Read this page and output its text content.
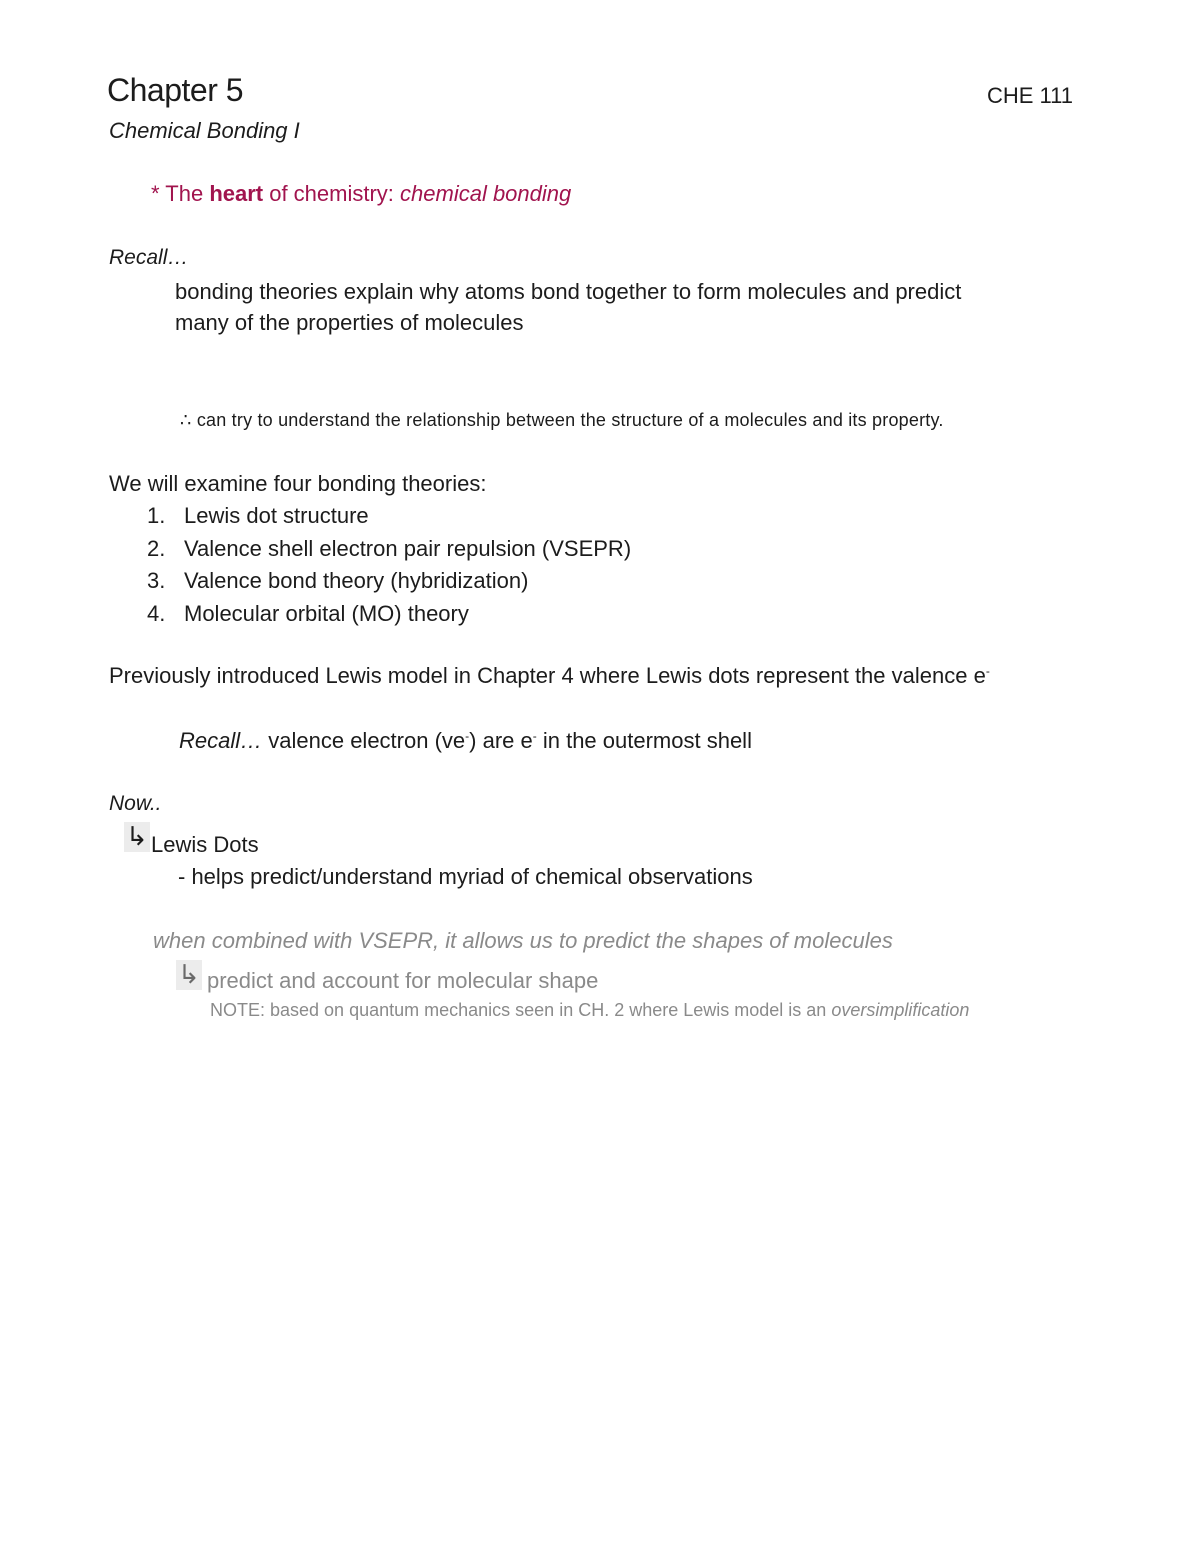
Chapter 5	CHE 111
Chemical Bonding I
* The heart of chemistry: chemical bonding
Recall…
bonding theories explain why atoms bond together to form molecules and predict
many of the properties of molecules
∴ can try to understand the relationship between the structure of a molecules and its property.
We will examine four bonding theories:
1. Lewis dot structure
2. Valence shell electron pair repulsion (VSEPR)
3. Valence bond theory (hybridization)
4. Molecular orbital (MO) theory
Previously introduced Lewis model in Chapter 4 where Lewis dots represent the valence e-
Recall… valence electron (ve-) are e- in the outermost shell
Now..
↳ Lewis Dots
- helps predict/understand myriad of chemical observations
when combined with VSEPR, it allows us to predict the shapes of molecules
↳ predict and account for molecular shape
NOTE: based on quantum mechanics seen in CH. 2 where Lewis model is an oversimplification
